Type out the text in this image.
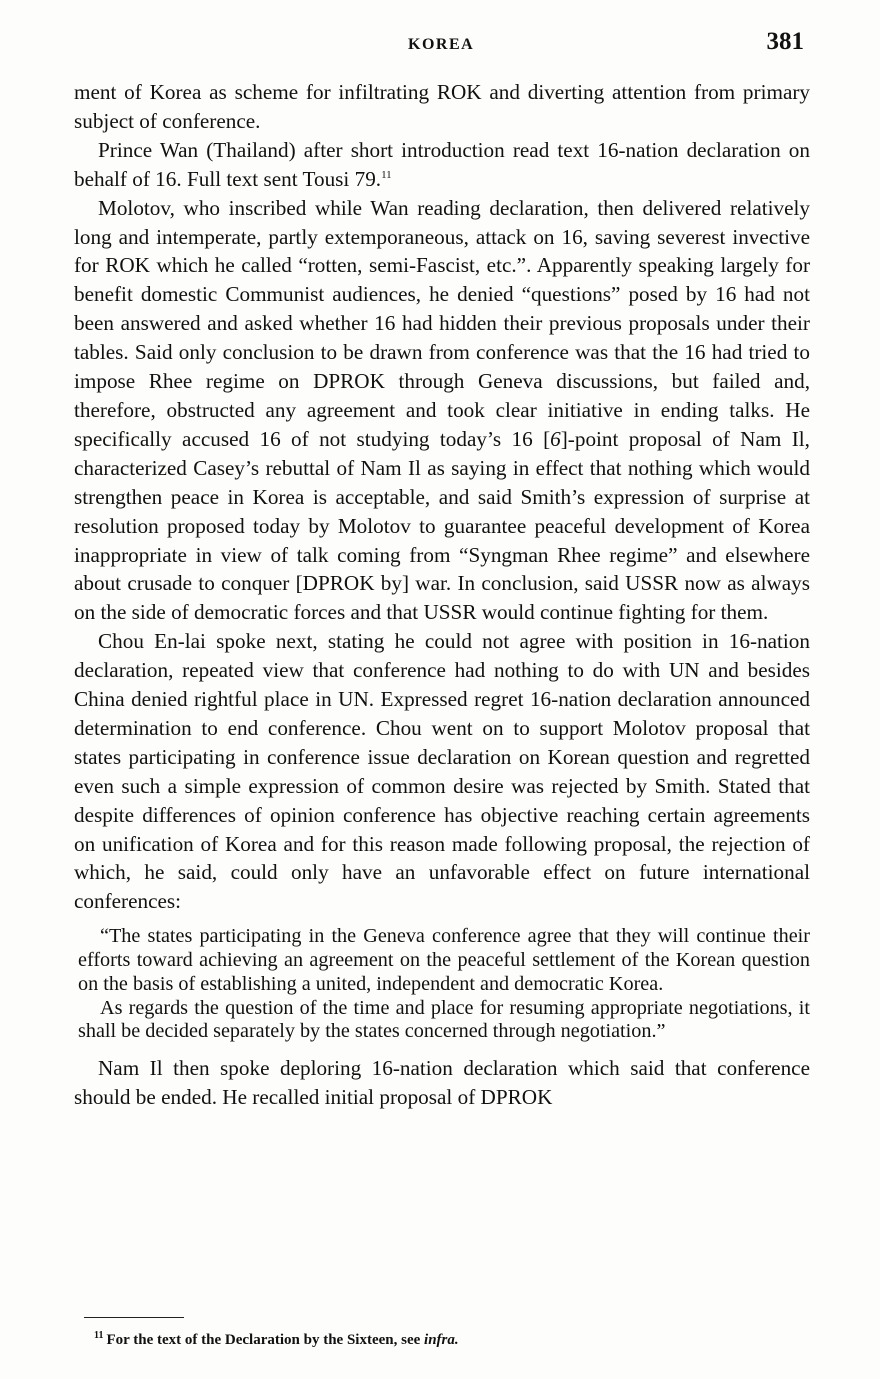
KOREA	381

ment of Korea as scheme for infiltrating ROK and diverting attention from primary subject of conference.

Prince Wan (Thailand) after short introduction read text 16-nation declaration on behalf of 16. Full text sent Tousi 79.11

Molotov, who inscribed while Wan reading declaration, then delivered relatively long and intemperate, partly extemporaneous, attack on 16, saving severest invective for ROK which he called “rotten, semi-Fascist, etc.”. Apparently speaking largely for benefit domestic Communist audiences, he denied “questions” posed by 16 had not been answered and asked whether 16 had hidden their previous proposals under their tables. Said only conclusion to be drawn from conference was that the 16 had tried to impose Rhee regime on DPROK through Geneva discussions, but failed and, therefore, obstructed any agreement and took clear initiative in ending talks. He specifically accused 16 of not studying today’s 16 [6]-point proposal of Nam Il, characterized Casey’s rebuttal of Nam Il as saying in effect that nothing which would strengthen peace in Korea is acceptable, and said Smith’s expression of surprise at resolution proposed today by Molotov to guarantee peaceful development of Korea inappropriate in view of talk coming from “Syngman Rhee regime” and elsewhere about crusade to conquer [DPROK by] war. In conclusion, said USSR now as always on the side of democratic forces and that USSR would continue fighting for them.

Chou En-lai spoke next, stating he could not agree with position in 16-nation declaration, repeated view that conference had nothing to do with UN and besides China denied rightful place in UN. Expressed regret 16-nation declaration announced determination to end conference. Chou went on to support Molotov proposal that states participating in conference issue declaration on Korean question and regretted even such a simple expression of common desire was rejected by Smith. Stated that despite differences of opinion conference has objective reaching certain agreements on unification of Korea and for this reason made following proposal, the rejection of which, he said, could only have an unfavorable effect on future international conferences:

“The states participating in the Geneva conference agree that they will continue their efforts toward achieving an agreement on the peaceful settlement of the Korean question on the basis of establishing a united, independent and democratic Korea.

As regards the question of the time and place for resuming appropriate negotiations, it shall be decided separately by the states concerned through negotiation.”

Nam Il then spoke deploring 16-nation declaration which said that conference should be ended. He recalled initial proposal of DPROK

$^{11}$ For the text of the Declaration by the Sixteen, see infra.
